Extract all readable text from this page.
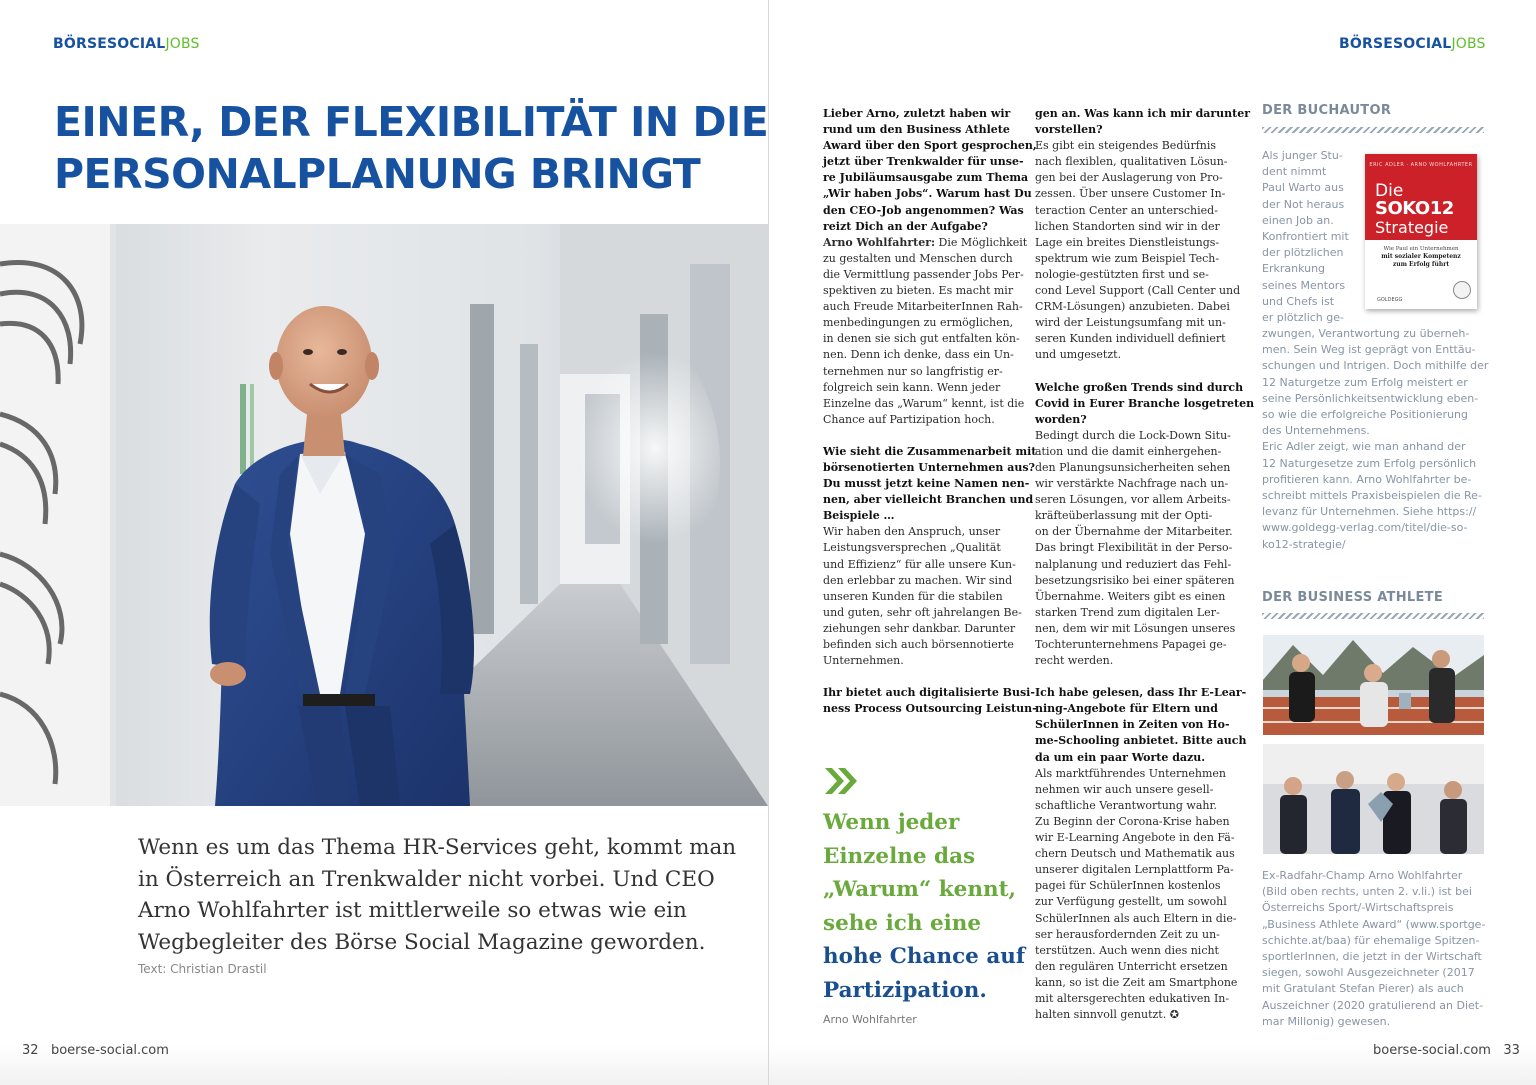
BÖRSESOCIALJOBS
EINER, DER FLEXIBILITÄT IN DIE
PERSONALPLANUNG BRINGT
Wenn es um das Thema HR-Services geht, kommt man
in Österreich an Trenkwalder nicht vorbei. Und CEO
Arno Wohlfahrter ist mittlerweile so etwas wie ein
Wegbegleiter des Börse Social Magazine geworden.
Text: Christian Drastil
32 boerse-social.com
BÖRSESOCIALJOBS

Lieber Arno, zuletzt haben wir
rund um den Business Athlete
Award über den Sport gesprochen,
jetzt über Trenkwalder für unse-
re Jubiläumsausgabe zum Thema
„Wir haben Jobs“. Warum hast Du
den CEO-Job angenommen? Was
reizt Dich an der Aufgabe?
Arno Wohlfahrter: Die Möglichkeit
zu gestalten und Menschen durch
die Vermittlung passender Jobs Per-
spektiven zu bieten. Es macht mir
auch Freude MitarbeiterInnen Rah-
menbedingungen zu ermöglichen,
in denen sie sich gut entfalten kön-
nen. Denn ich denke, dass ein Un-
ternehmen nur so langfristig er-
folgreich sein kann. Wenn jeder
Einzelne das „Warum“ kennt, ist die
Chance auf Partizipation hoch.

Wie sieht die Zusammenarbeit mit
börsenotierten Unternehmen aus?
Du musst jetzt keine Namen nen-
nen, aber vielleicht Branchen und
Beispiele …
Wir haben den Anspruch, unser
Leistungsversprechen „Qualität
und Effizienz“ für alle unsere Kun-
den erlebbar zu machen. Wir sind
unseren Kunden für die stabilen
und guten, sehr oft jahrelangen Be-
ziehungen sehr dankbar. Darunter
befinden sich auch börsennotierte
Unternehmen.

Ihr bietet auch digitalisierte Busi-
ness Process Outsourcing Leistun-

Wenn jeder
Einzelne das
„Warum“ kennt,
sehe ich eine
hohe Chance auf
Partizipation.
Arno Wohlfahrter

gen an. Was kann ich mir darunter
vorstellen?
Es gibt ein steigendes Bedürfnis
nach flexiblen, qualitativen Lösun-
gen bei der Auslagerung von Pro-
zessen. Über unsere Customer In-
teraction Center an unterschied-
lichen Standorten sind wir in der
Lage ein breites Dienstleistungs-
spektrum wie zum Beispiel Tech-
nologie-gestützten first und se-
cond Level Support (Call Center und
CRM-Lösungen) anzubieten. Dabei
wird der Leistungsumfang mit un-
seren Kunden individuell definiert
und umgesetzt.

Welche großen Trends sind durch
Covid in Eurer Branche losgetreten
worden?
Bedingt durch die Lock-Down Situ-
ation und die damit einhergehen-
den Planungsunsicherheiten sehen
wir verstärkte Nachfrage nach un-
seren Lösungen, vor allem Arbeits-
kräfteüberlassung mit der Opti-
on der Übernahme der Mitarbeiter.
Das bringt Flexibilität in der Perso-
nalplanung und reduziert das Fehl-
besetzungsrisiko bei einer späteren
Übernahme. Weiters gibt es einen
starken Trend zum digitalen Ler-
nen, dem wir mit Lösungen unseres
Tochterunternehmens Papagei ge-
recht werden.

Ich habe gelesen, dass Ihr E-Lear-
ning-Angebote für Eltern und
SchülerInnen in Zeiten von Ho-
me-Schooling anbietet. Bitte auch
da um ein paar Worte dazu.
Als marktführendes Unternehmen
nehmen wir auch unsere gesell-
schaftliche Verantwortung wahr.
Zu Beginn der Corona-Krise haben
wir E-Learning Angebote in den Fä-
chern Deutsch und Mathematik aus
unserer digitalen Lernplattform Pa-
pagei für SchülerInnen kostenlos
zur Verfügung gestellt, um sowohl
SchülerInnen als auch Eltern in die-
ser herausfordernden Zeit zu un-
terstützen. Auch wenn dies nicht
den regulären Unterricht ersetzen
kann, so ist die Zeit am Smartphone
mit altersgerechten edukativen In-
halten sinnvoll genutzt. ✪

DER BUCHAUTOR
Als junger Stu-
dent nimmt
Paul Warto aus
der Not heraus
einen Job an.
Konfrontiert mit
der plötzlichen
Erkrankung
seines Mentors
und Chefs ist
er plötzlich ge-
zwungen, Verantwortung zu überneh-
men. Sein Weg ist geprägt von Enttäu-
schungen und Intrigen. Doch mithilfe der
12 Naturgetze zum Erfolg meistert er
seine Persönlichkeitsentwicklung eben-
so wie die erfolgreiche Positionierung
des Unternehmens.
Eric Adler zeigt, wie man anhand der
12 Naturgesetze zum Erfolg persönlich
profitieren kann. Arno Wohlfahrter be-
schreibt mittels Praxisbeispielen die Re-
levanz für Unternehmen. Siehe https://
www.goldegg-verlag.com/titel/die-so-
ko12-strategie/
ERIC ADLER · ARNO WOHLFAHRTER
Die
SOKO12
Strategie
Wie Paul ein Unternehmen
mit sozialer Kompetenz
zum Erfolg führt
GOLDEGG
DER BUSINESS ATHLETE
Ex-Radfahr-Champ Arno Wohlfahrter
(Bild oben rechts, unten 2. v.li.) ist bei
Österreichs Sport/-Wirtschaftspreis
„Business Athlete Award“ (www.sportge-
schichte.at/baa) für ehemalige Spitzen-
sportlerInnen, die jetzt in der Wirtschaft
siegen, sowohl Ausgezeichneter (2017
mit Gratulant Stefan Pierer) als auch
Auszeichner (2020 gratulierend an Diet-
mar Millonig) gewesen.
boerse-social.com 33
